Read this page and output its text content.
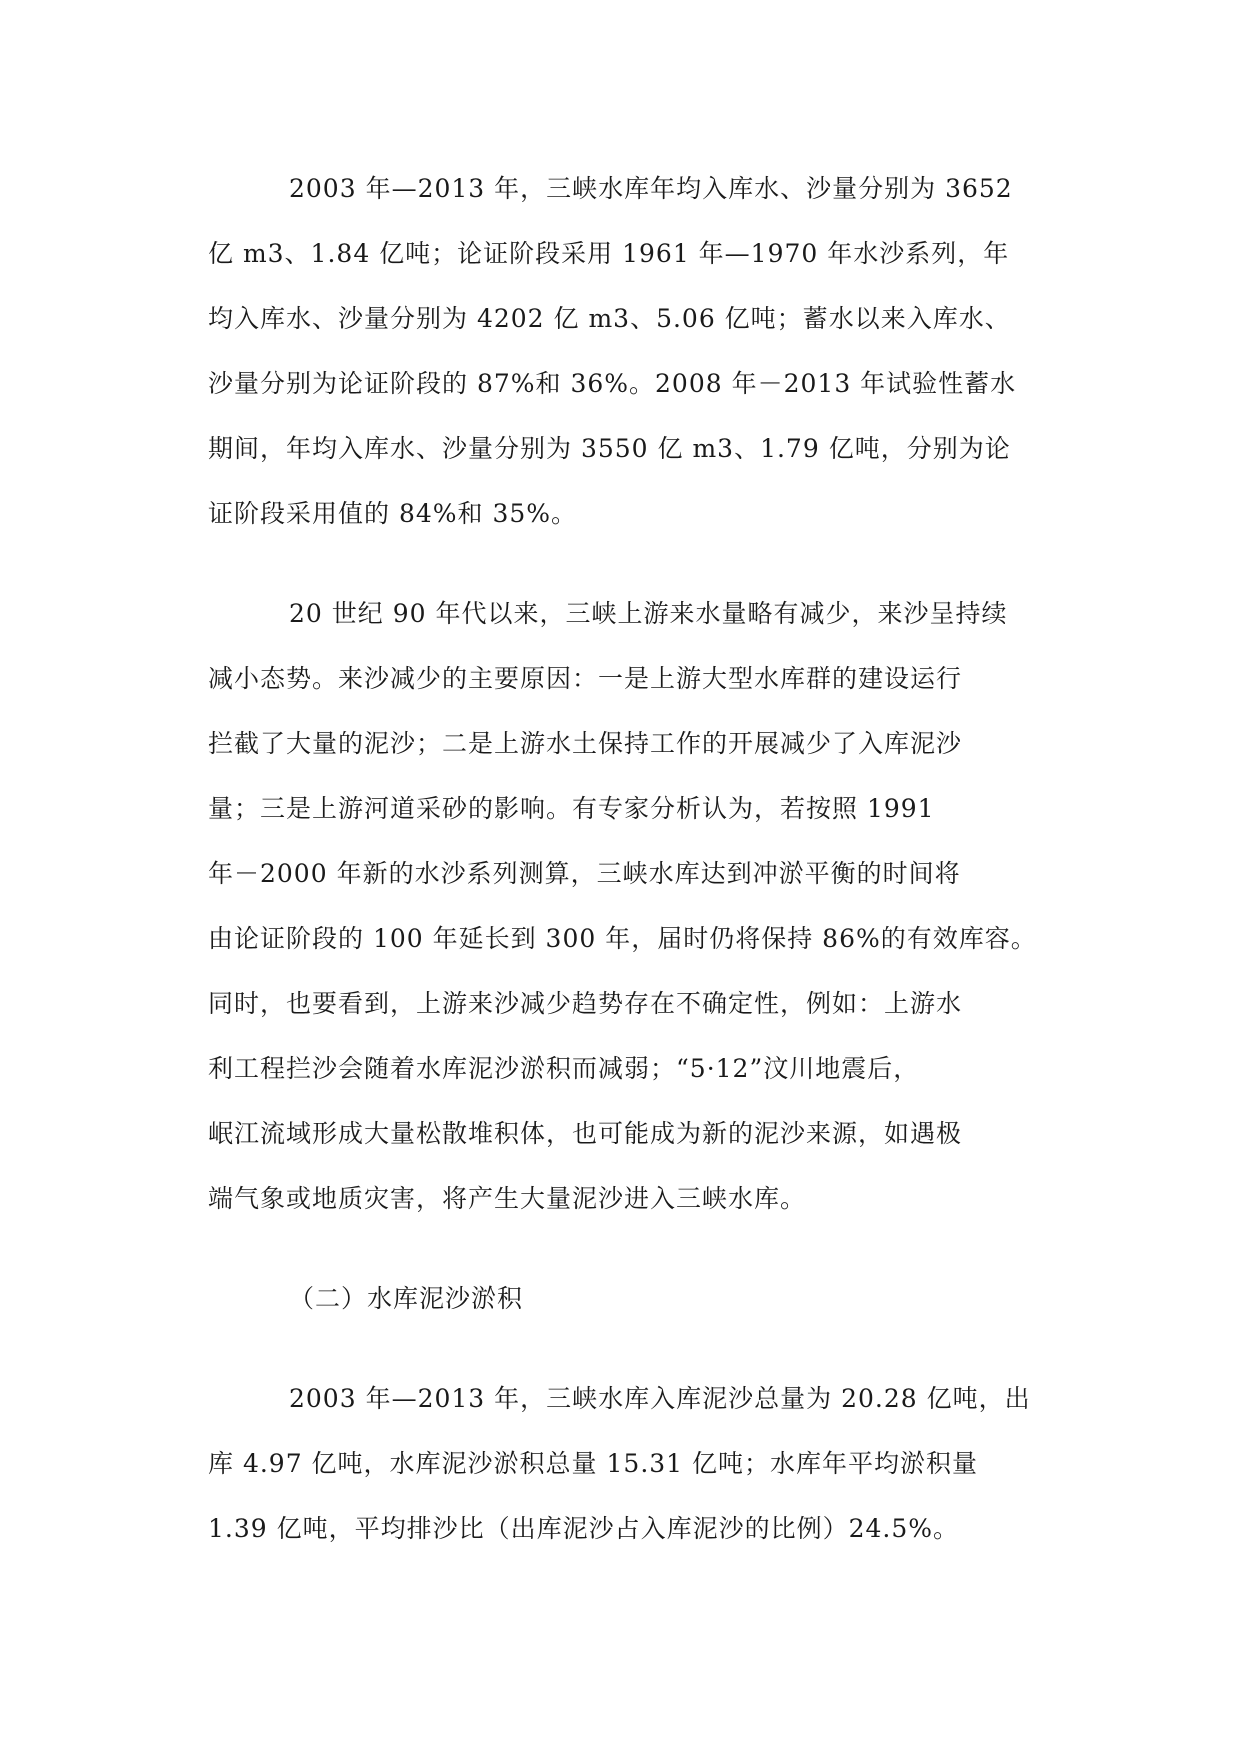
2003 年—2013 年，三峡水库年均入库水、沙量分别为 3652
亿 m3、1.84 亿吨；论证阶段采用 1961 年—1970 年水沙系列，年
均入库水、沙量分别为 4202 亿 m3、5.06 亿吨；蓄水以来入库水、
沙量分别为论证阶段的 87%和 36%。2008 年－2013 年试验性蓄水
期间，年均入库水、沙量分别为 3550 亿 m3、1.79 亿吨，分别为论
证阶段采用值的 84%和 35%。
20 世纪 90 年代以来，三峡上游来水量略有减少，来沙呈持续
减小态势。来沙减少的主要原因：一是上游大型水库群的建设运行
拦截了大量的泥沙；二是上游水土保持工作的开展减少了入库泥沙
量；三是上游河道采砂的影响。有专家分析认为，若按照 1991
年－2000 年新的水沙系列测算，三峡水库达到冲淤平衡的时间将
由论证阶段的 100 年延长到 300 年，届时仍将保持 86%的有效库容。
同时，也要看到，上游来沙减少趋势存在不确定性，例如：上游水
利工程拦沙会随着水库泥沙淤积而减弱；“5·12”汶川地震后，
岷江流域形成大量松散堆积体，也可能成为新的泥沙来源，如遇极
端气象或地质灾害，将产生大量泥沙进入三峡水库。
（二）水库泥沙淤积
2003 年—2013 年，三峡水库入库泥沙总量为 20.28 亿吨，出
库 4.97 亿吨，水库泥沙淤积总量 15.31 亿吨；水库年平均淤积量
1.39 亿吨，平均排沙比（出库泥沙占入库泥沙的比例）24.5%。
